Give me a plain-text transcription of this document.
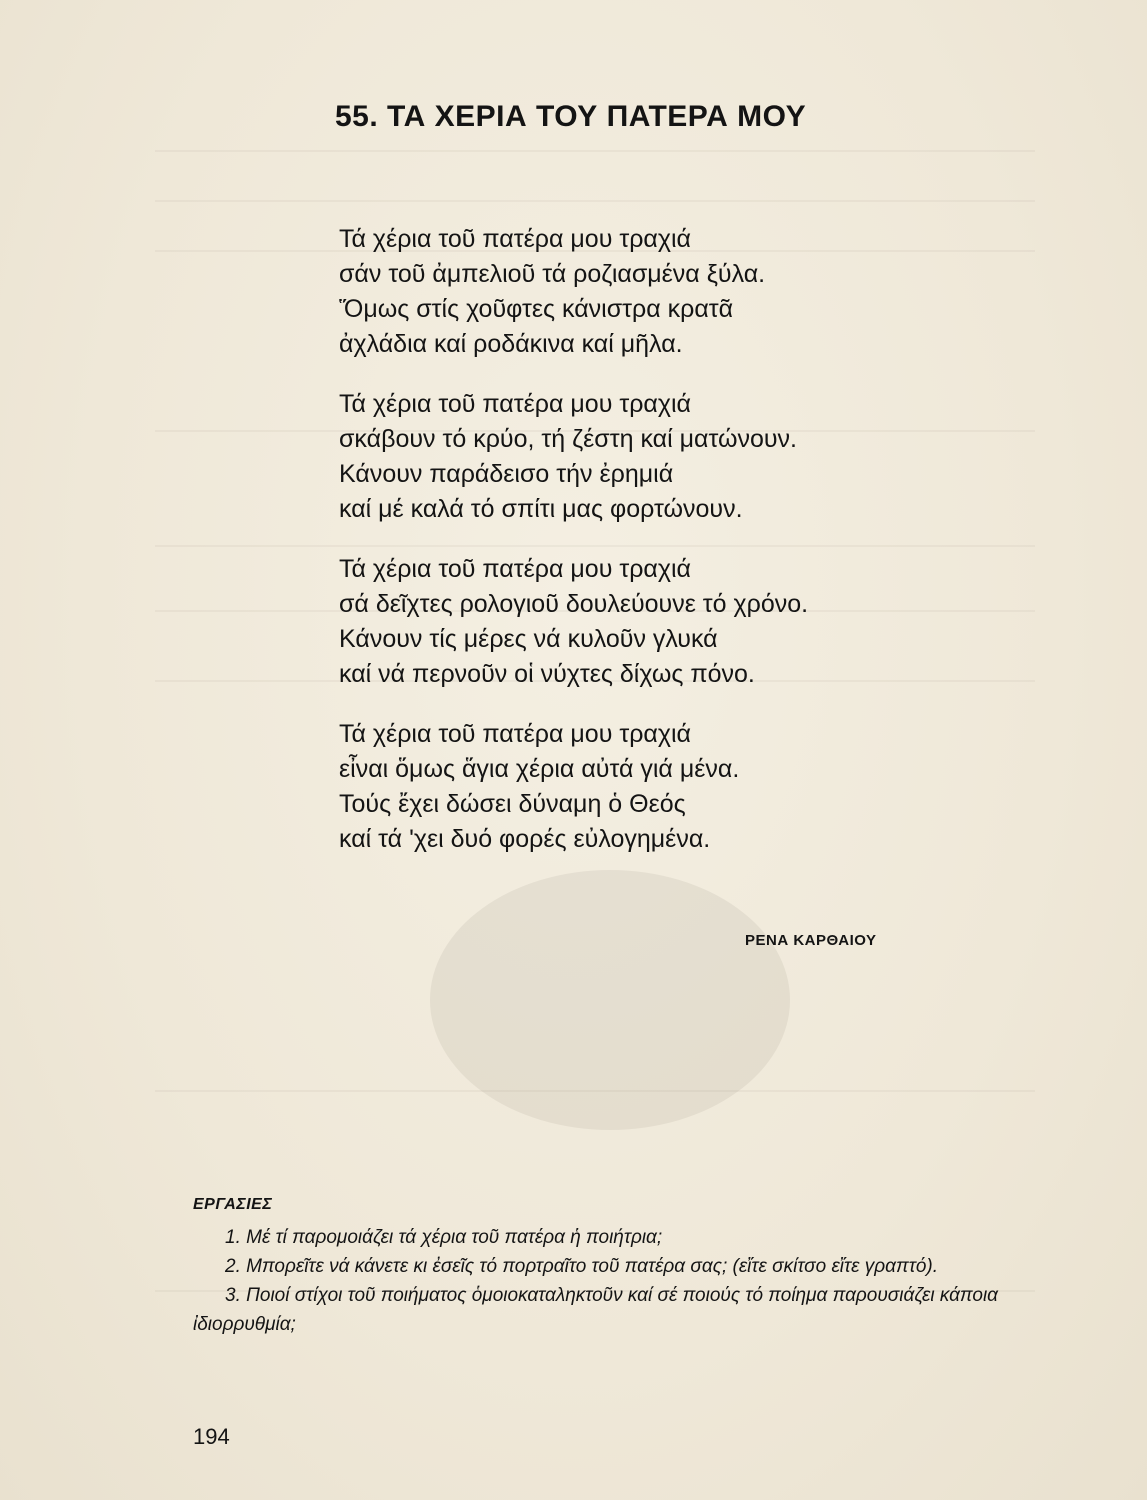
55. ΤΑ ΧΕΡΙΑ ΤΟΥ ΠΑΤΕΡΑ ΜΟΥ
Τά χέρια τοῦ πατέρα μου τραχιά
σάν τοῦ ἀμπελιοῦ τά ροζιασμένα ξύλα.
Ὅμως στίς χοῦφτες κάνιστρα κρατᾶ
ἀχλάδια καί ροδάκινα καί μῆλα.
Τά χέρια τοῦ πατέρα μου τραχιά
σκάβουν τό κρύο, τή ζέστη καί ματώνουν.
Κάνουν παράδεισο τήν ἐρημιά
καί μέ καλά τό σπίτι μας φορτώνουν.
Τά χέρια τοῦ πατέρα μου τραχιά
σά δεῖχτες ρολογιοῦ δουλεύουνε τό χρόνο.
Κάνουν τίς μέρες νά κυλοῦν γλυκά
καί νά περνοῦν οἱ νύχτες δίχως πόνο.
Τά χέρια τοῦ πατέρα μου τραχιά
εἶναι ὅμως ἅγια χέρια αὐτά γιά μένα.
Τούς ἔχει δώσει δύναμη ὁ Θεός
καί τά 'χει δυό φορές εὐλογημένα.
ΡΕΝΑ ΚΑΡΘΑΙΟΥ
ΕΡΓΑΣΙΕΣ
1. Μέ τί παρομοιάζει τά χέρια τοῦ πατέρα ἡ ποιήτρια;
2. Μπορεῖτε νά κάνετε κι ἐσεῖς τό πορτραῖτο τοῦ πατέρα σας; (εἴτε σκίτσο εἴτε γραπτό).
3. Ποιοί στίχοι τοῦ ποιήματος ὁμοιοκαταληκτοῦν καί σέ ποιούς τό ποίημα παρουσιάζει κάποια ἰδιορρυθμία;
194
